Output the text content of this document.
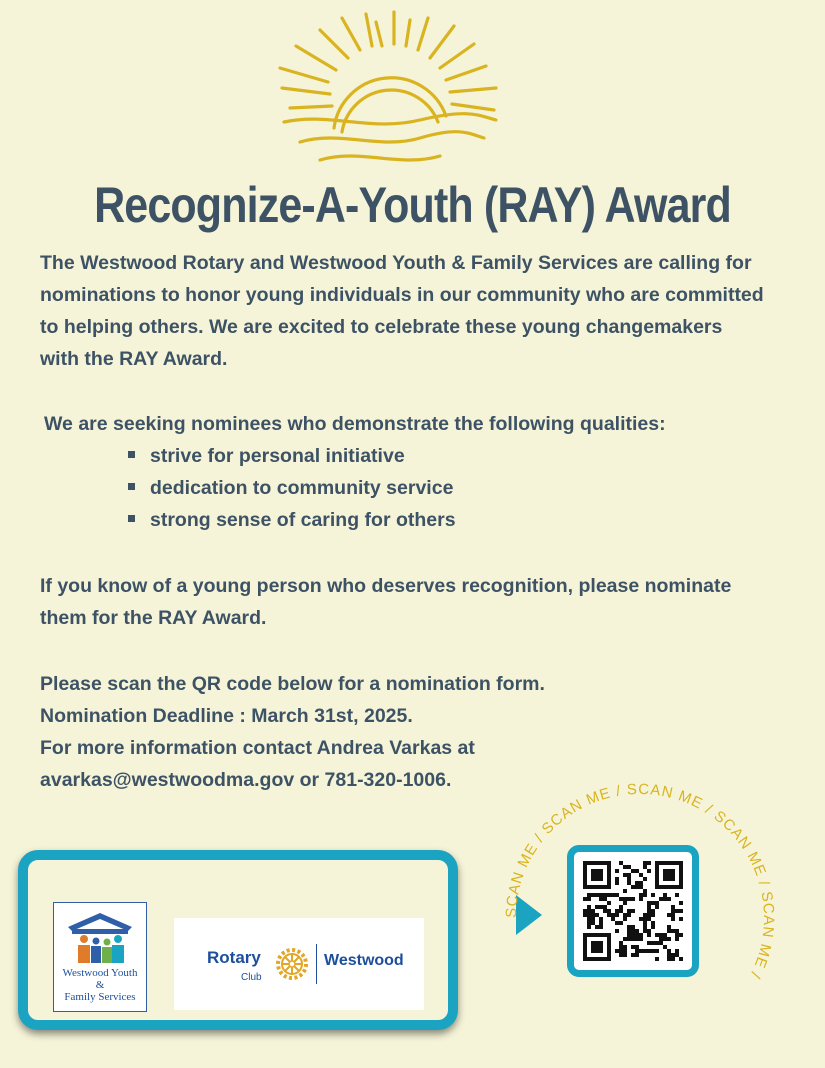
Recognize-A-Youth (RAY) Award
The Westwood Rotary and Westwood Youth & Family Services are calling for
nominations to honor young individuals in our community who are committed
to helping others. We are excited to celebrate these young changemakers
with the RAY Award.
We are seeking nominees who demonstrate the following qualities:
strive for personal initiative
dedication to community service
strong sense of caring for others
If you know of a young person who deserves recognition, please nominate
them for the RAY Award.
Please scan the QR code below for a nomination form.
Nomination Deadline : March 31st, 2025.
For more information contact Andrea Varkas at
avarkas@westwoodma.gov or 781-320-1006.
Westwood Youth
&
Family Services
Rotary
Club
Westwood
SCAN ME / SCAN ME / SCAN ME / SCAN ME / SCAN ME /
